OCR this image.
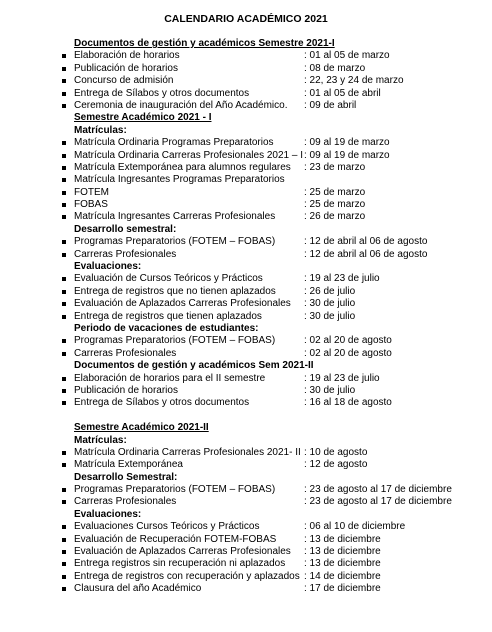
CALENDARIO ACADÉMICO 2021
Documentos de gestión y académicos Semestre 2021-I
Elaboración de horarios	: 01 al 05 de marzo
Publicación de horarios	: 08 de marzo
Concurso de admisión	: 22, 23 y 24 de marzo
Entrega de Sílabos y otros documentos	: 01 al 05 de abril
Ceremonia de inauguración del Año Académico. : 09 de abril
Semestre Académico 2021 - I
Matrículas:
Matrícula Ordinaria Programas Preparatorios	: 09 al 19 de marzo
Matrícula Ordinaria Carreras Profesionales 2021 – I : 09 al 19 de marzo
Matrícula Extemporánea para alumnos regulares : 23 de marzo
Matrícula Ingresantes Programas Preparatorios
FOTEM	: 25 de marzo
FOBAS	: 25 de marzo
Matrícula Ingresantes Carreras Profesionales	: 26 de marzo
Desarrollo semestral:
Programas Preparatorios (FOTEM – FOBAS)	: 12 de abril al 06 de agosto
Carreras Profesionales	: 12 de abril al 06 de agosto
Evaluaciones:
Evaluación de Cursos Teóricos y Prácticos	: 19 al 23 de julio
Entrega de registros que no tienen aplazados	: 26 de julio
Evaluación de Aplazados Carreras Profesionales : 30 de julio
Entrega de registros que tienen aplazados	: 30 de julio
Periodo de vacaciones de estudiantes:
Programas Preparatorios (FOTEM – FOBAS)	: 02 al 20 de agosto
Carreras Profesionales	: 02 al 20 de agosto
Documentos de gestión y académicos Sem 2021-II
Elaboración de horarios para el II semestre	: 19 al 23 de julio
Publicación de horarios	: 30 de julio
Entrega de Sílabos y otros documentos	: 16 al 18 de agosto
Semestre Académico 2021-II
Matrículas:
Matrícula Ordinaria Carreras Profesionales 2021- II : 10 de agosto
Matrícula Extemporánea	: 12 de agosto
Desarrollo Semestral:
Programas Preparatorios (FOTEM – FOBAS)	: 23 de agosto al 17 de diciembre
Carreras Profesionales	: 23 de agosto al 17 de diciembre
Evaluaciones:
Evaluaciones Cursos Teóricos y Prácticos	: 06 al 10 de diciembre
Evaluación de Recuperación FOTEM-FOBAS	: 13 de diciembre
Evaluación de Aplazados Carreras Profesionales : 13 de diciembre
Entrega registros sin recuperación ni aplazados : 13 de diciembre
Entrega de registros con recuperación y aplazados : 14 de diciembre
Clausura del año Académico	: 17 de diciembre
